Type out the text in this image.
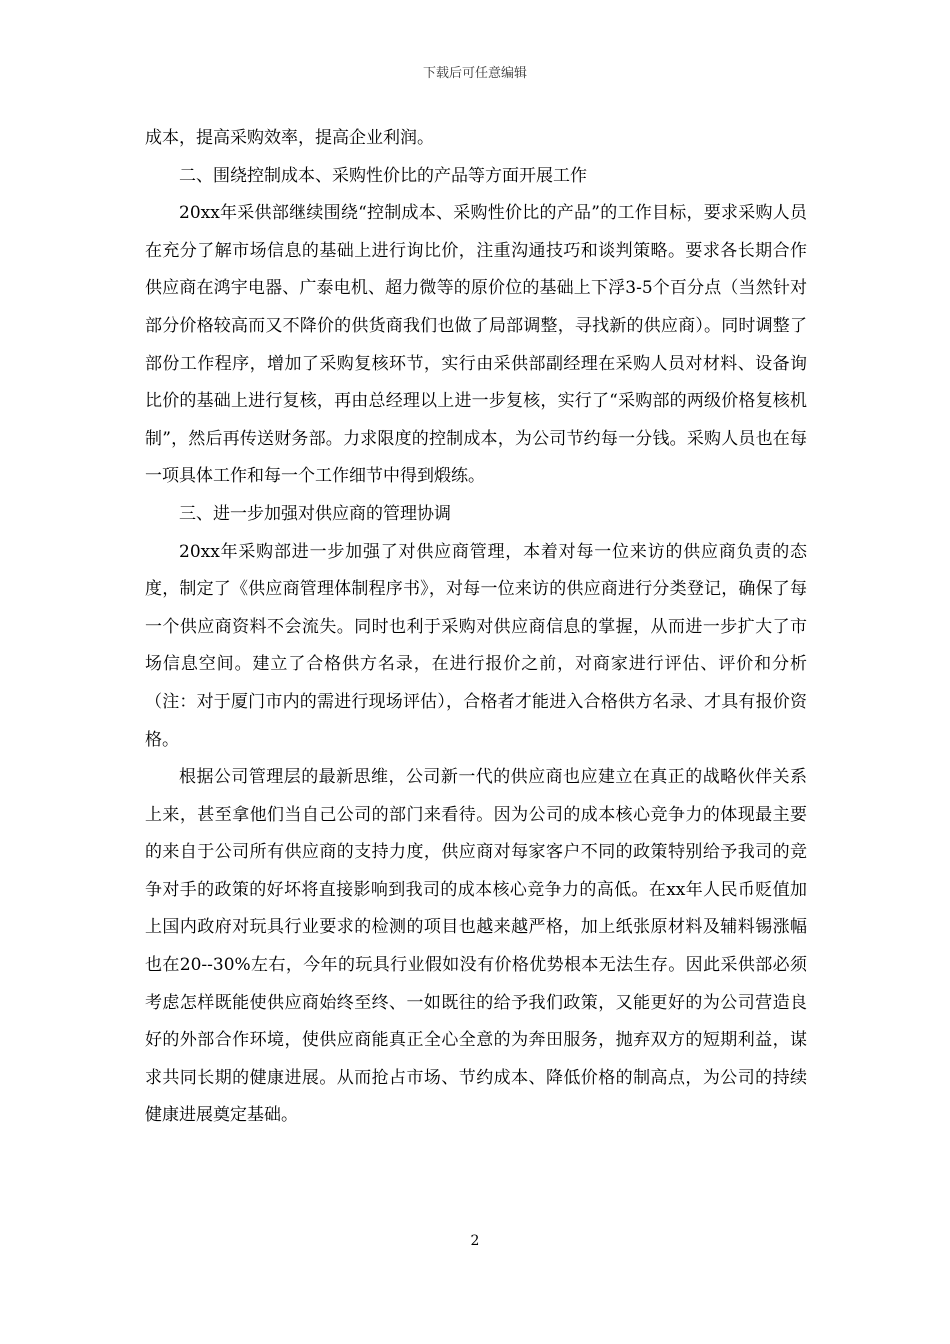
下载后可任意编辑

成本，提高采购效率，提高企业利润。

二、围绕控制成本、采购性价比的产品等方面开展工作

20xx年采供部继续围绕“控制成本、采购性价比的产品”的工作目标，要求采购人员在充分了解市场信息的基础上进行询比价，注重沟通技巧和谈判策略。要求各长期合作供应商在鸿宇电器、广泰电机、超力微等的原价位的基础上下浮3-5个百分点（当然针对部分价格较高而又不降价的供货商我们也做了局部调整，寻找新的供应商）。同时调整了部份工作程序，增加了采购复核环节，实行由采供部副经理在采购人员对材料、设备询比价的基础上进行复核，再由总经理以上进一步复核，实行了“采购部的两级价格复核机制”，然后再传送财务部。力求限度的控制成本，为公司节约每一分钱。采购人员也在每一项具体工作和每一个工作细节中得到煅练。

三、进一步加强对供应商的管理协调

20xx年采购部进一步加强了对供应商管理，本着对每一位来访的供应商负责的态度，制定了《供应商管理体制程序书》，对每一位来访的供应商进行分类登记，确保了每一个供应商资料不会流失。同时也利于采购对供应商信息的掌握，从而进一步扩大了市场信息空间。建立了合格供方名录，在进行报价之前，对商家进行评估、评价和分析（注：对于厦门市内的需进行现场评估），合格者才能进入合格供方名录、才具有报价资格。

根据公司管理层的最新思维，公司新一代的供应商也应建立在真正的战略伙伴关系上来，甚至拿他们当自己公司的部门来看待。因为公司的成本核心竞争力的体现最主要的来自于公司所有供应商的支持力度，供应商对每家客户不同的政策特别给予我司的竞争对手的政策的好坏将直接影响到我司的成本核心竞争力的高低。在xx年人民币贬值加上国内政府对玩具行业要求的检测的项目也越来越严格，加上纸张原材料及辅料锡涨幅也在20--30%左右，今年的玩具行业假如没有价格优势根本无法生存。因此采供部必须考虑怎样既能使供应商始终至终、一如既往的给予我们政策，又能更好的为公司营造良好的外部合作环境，使供应商能真正全心全意的为奔田服务，抛弃双方的短期利益，谋求共同长期的健康进展。从而抢占市场、节约成本、降低价格的制高点，为公司的持续健康进展奠定基础。

2
